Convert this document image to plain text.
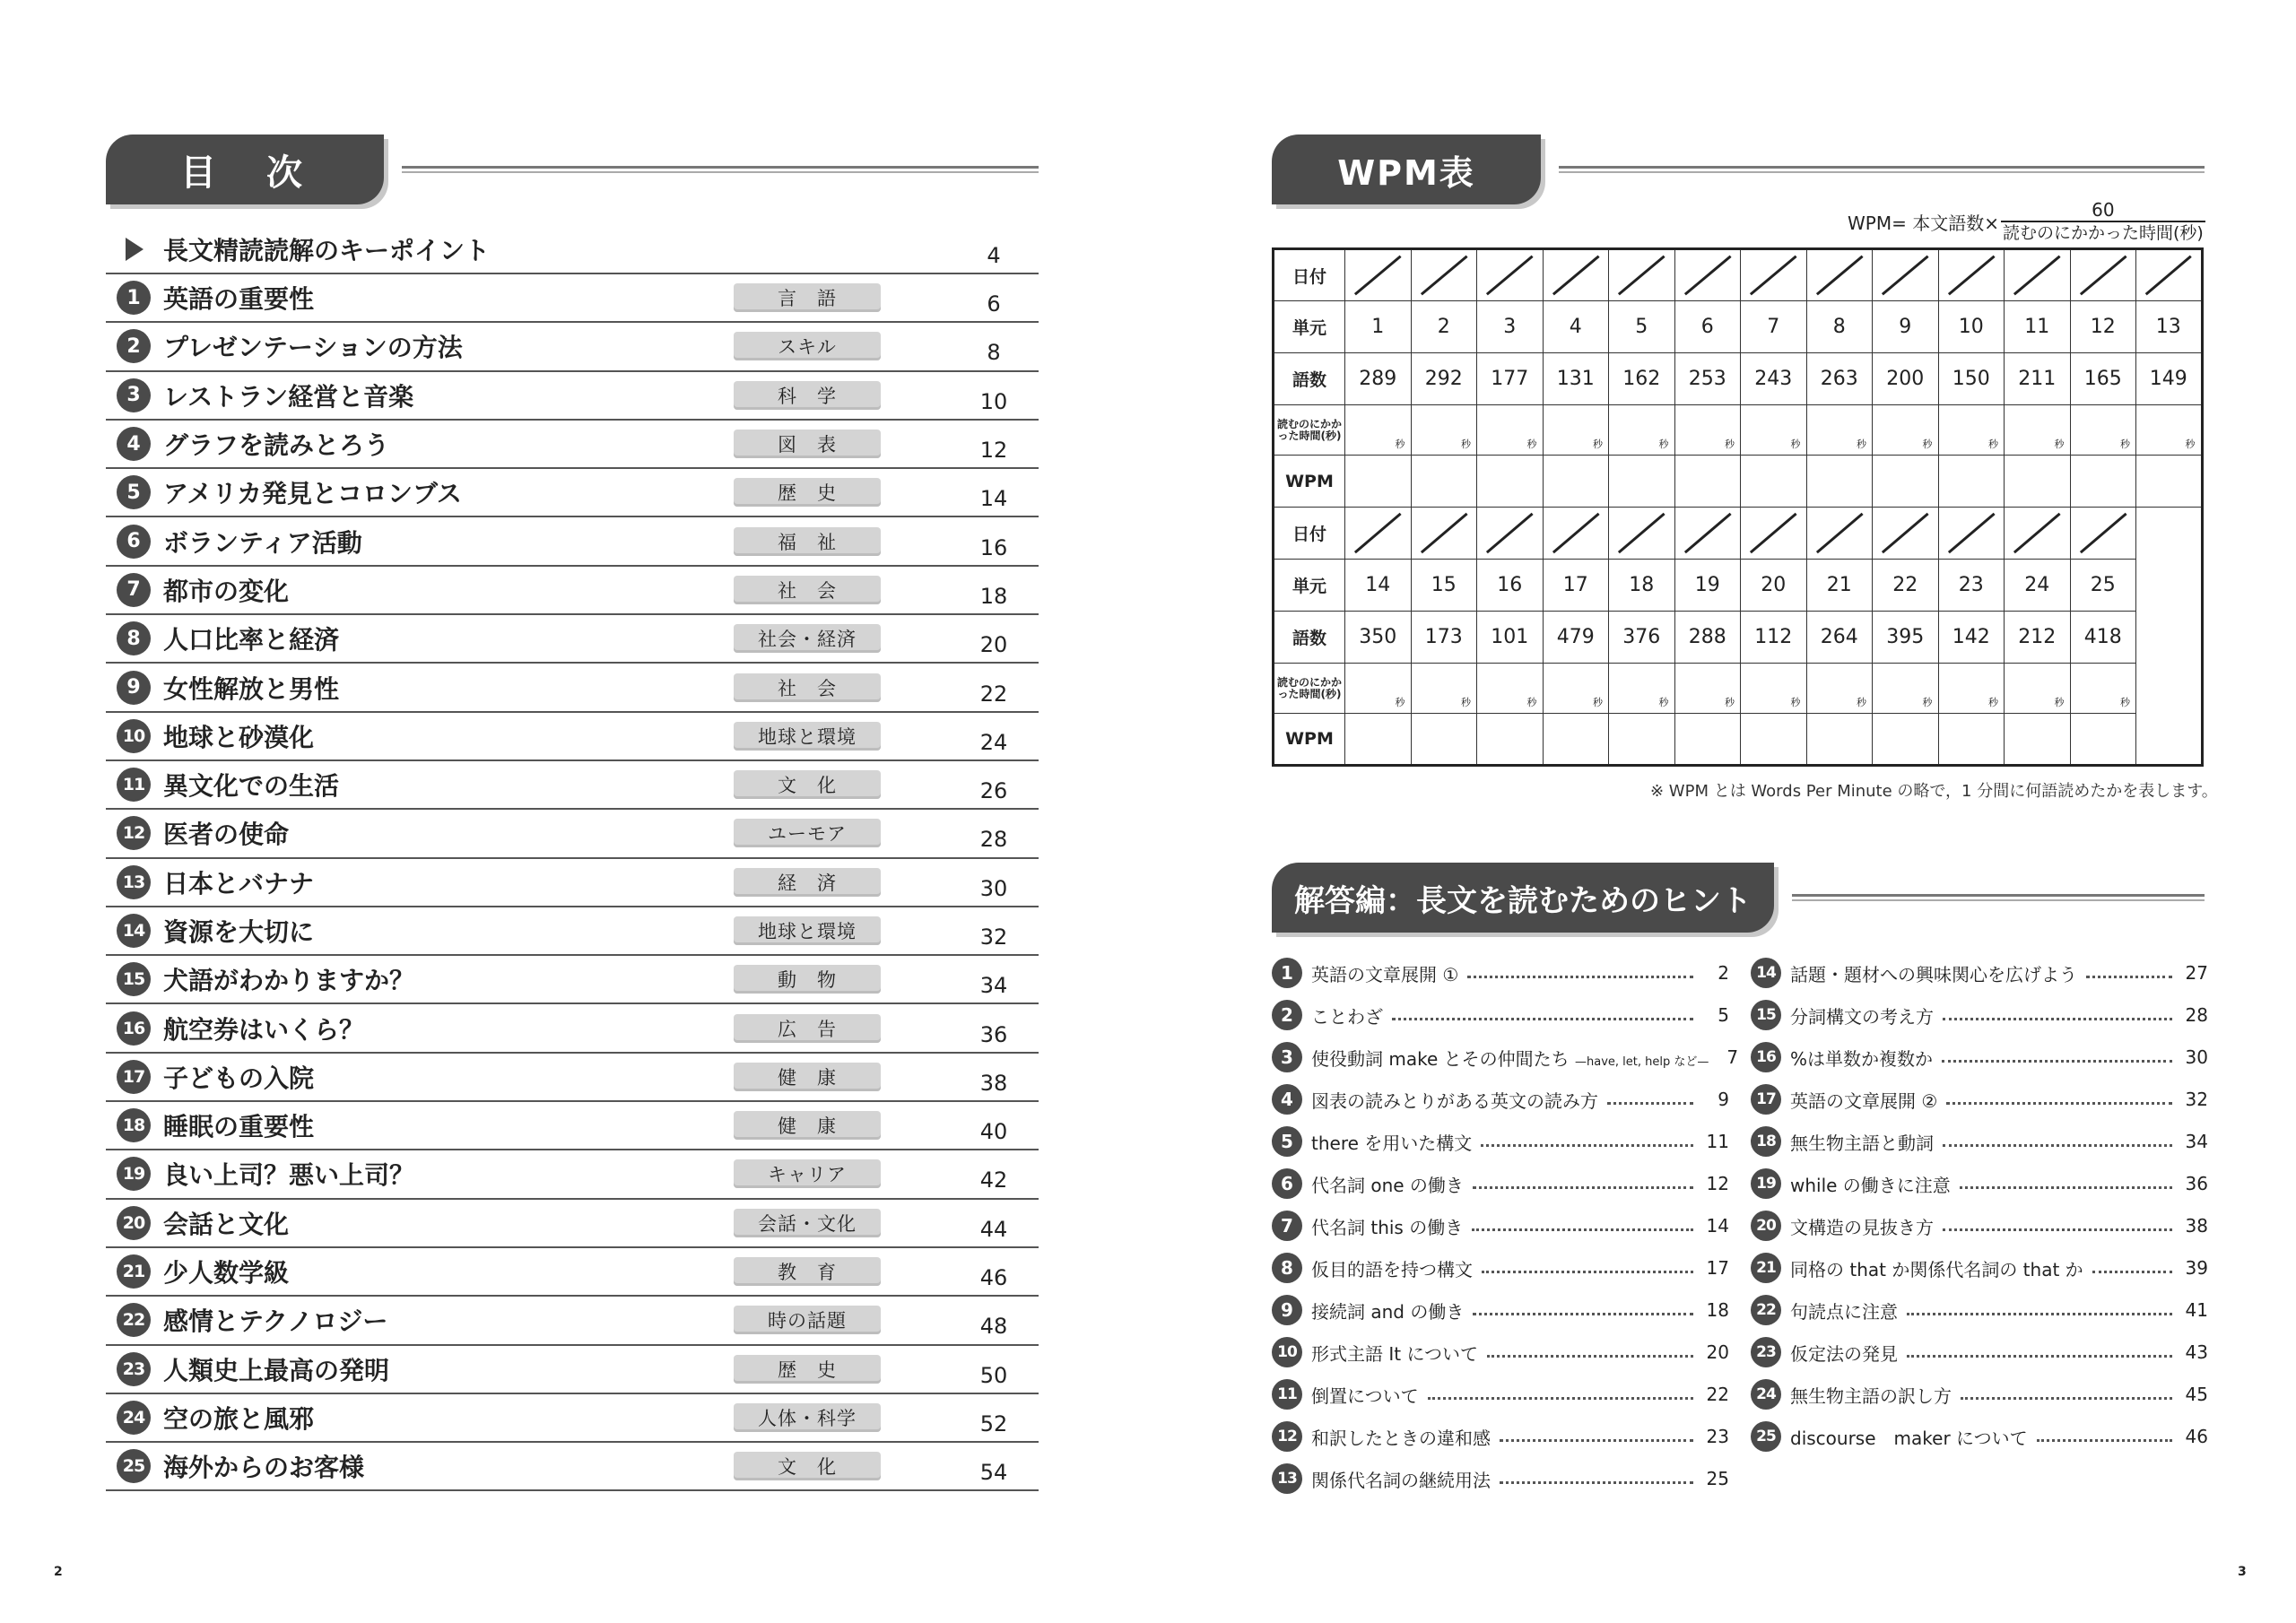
目　次
長文精読読解のキーポイント	4
1 英語の重要性	言　語	6
2 プレゼンテーションの方法	スキル	8
3 レストラン経営と音楽	科　学	10
4 グラフを読みとろう	図　表	12
5 アメリカ発見とコロンブス	歴　史	14
6 ボランティア活動	福　祉	16
7 都市の変化	社　会	18
8 人口比率と経済	社会・経済	20
9 女性解放と男性	社　会	22
10 地球と砂漠化	地球と環境	24
11 異文化での生活	文　化	26
12 医者の使命	ユーモア	28
13 日本とバナナ	経　済	30
14 資源を大切に	地球と環境	32
15 犬語がわかりますか？	動　物	34
16 航空券はいくら？	広　告	36
17 子どもの入院	健　康	38
18 睡眠の重要性	健　康	40
19 良い上司？悪い上司？	キャリア	42
20 会話と文化	会話・文化	44
21 少人数学級	教　育	46
22 感情とテクノロジー	時の話題	48
23 人類史上最高の発明	歴　史	50
24 空の旅と風邪	人体・科学	52
25 海外からのお客様	文　化	54
WPM表
WPM= 本文語数× $\frac{60}{\text{読むのにかかった時間(秒)}}$
日付	

単元	1	2	3	4	5	6	7	8	9	10	11	12	13
語数	289	292	177	131	162	253	243	263	200	150	211	165	149
読むのにかかった時間(秒)	秒	秒	秒	秒	秒	秒	秒	秒	秒	秒	秒	秒	秒

WPM													
日付	

単元	14	15	16	17	18	19	20	21	22	23	24	25	
語数	350	173	101	479	376	288	112	264	395	142	212	418	
読むのにかかった時間(秒)	秒	秒	秒	秒	秒	秒	秒	秒	秒	秒	秒	秒	

WPM													
※ WPM とは Words Per Minute の略で，1 分間に何語読めたかを表します。
解答編：長文を読むためのヒント
1	英語の文章展開 ①	2
2	ことわざ	5
3	使役動詞 make とその仲間たち —have, let, help など— 7
4	図表の読みとりがある英文の読み方	9
5	there を用いた構文	11
6	代名詞 one の働き	12
7	代名詞 this の働き	14
8	仮目的語を持つ構文	17
9	接続詞 and の働き	18
10 形式主語 It について	20
11 倒置について	22
12 和訳したときの違和感	23
13 関係代名詞の継続用法	25
14 話題・題材への興味関心を広げよう	27
15 分詞構文の考え方	28
16 %は単数か複数か	30
17 英語の文章展開 ②	32
18 無生物主語と動詞	34
19 while の働きに注意	36
20 文構造の見抜き方	38
21 同格の that か関係代名詞の that か	39
22 句読点に注意	41
23 仮定法の発見	43
24 無生物主語の訳し方	45
25 discourse　maker について	46
2	3
